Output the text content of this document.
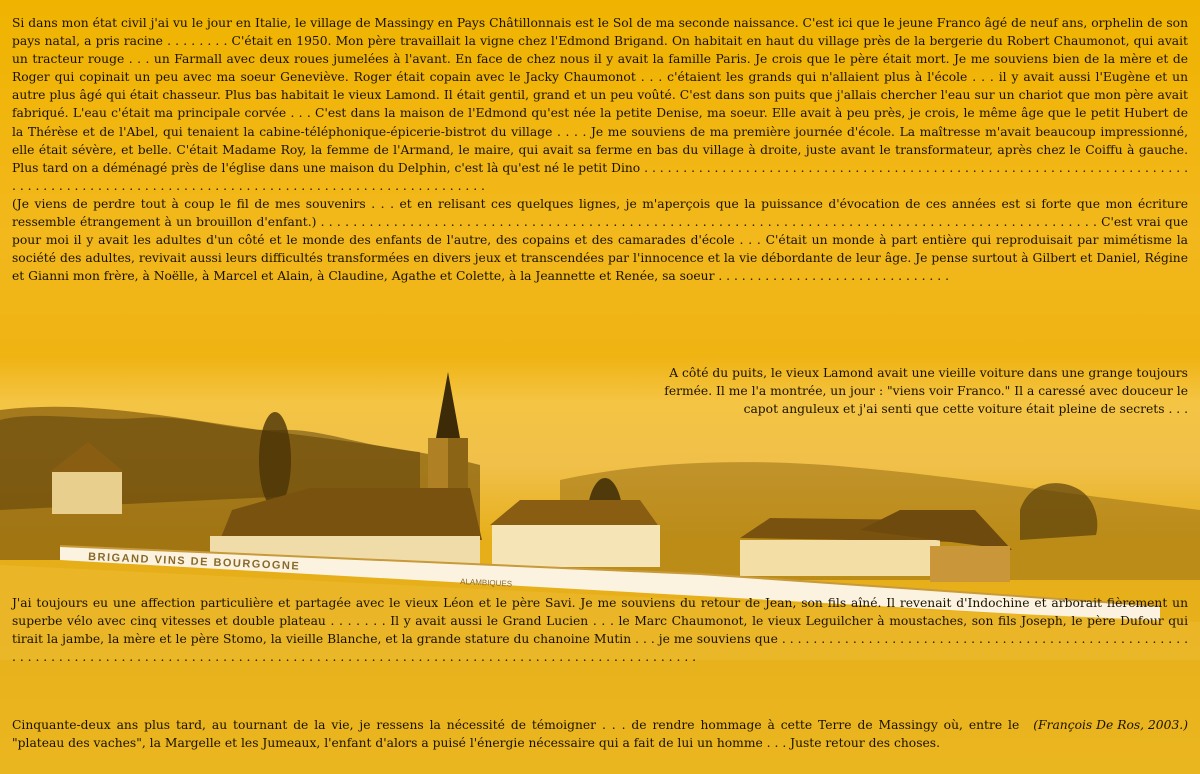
BRIGAND VINS DE BOURGOGNE
ALAMBIQUES

Si dans mon état civil j'ai vu le jour en Italie, le village de Massingy en Pays Châtillonnais est le Sol de ma seconde naissance. C'est ici que le jeune Franco âgé de neuf ans, orphelin de son pays natal, a pris racine . . . . . . . . C'était en 1950. Mon père travaillait la vigne chez l'Edmond Brigand. On habitait en haut du village près de la bergerie du Robert Chaumonot, qui avait un tracteur rouge . . . un Farmall avec deux roues jumelées à l'avant. En face de chez nous il y avait la famille Paris. Je crois que le père était mort. Je me souviens bien de la mère et de Roger qui copinait un peu avec ma soeur Geneviève. Roger était copain avec le Jacky Chaumonot . . . c'étaient les grands qui n'allaient plus à l'école . . . il y avait aussi l'Eugène et un autre plus âgé qui était chasseur. Plus bas habitait le vieux Lamond. Il était gentil, grand et un peu voûté. C'est dans son puits que j'allais chercher l'eau sur un chariot que mon père avait fabriqué. L'eau c'était ma principale corvée . . . C'est dans la maison de l'Edmond qu'est née la petite Denise, ma soeur. Elle avait à peu près, je crois, le même âge que le petit Hubert de la Thérèse et de l'Abel, qui tenaient la cabine-téléphonique-épicerie-bistrot du village . . . . Je me souviens de ma première journée d'école. La maîtresse m'avait beaucoup impressionné, elle était sévère, et belle. C'était Madame Roy, la femme de l'Armand, le maire, qui avait sa ferme en bas du village à droite, juste avant le transformateur, après chez le Coiffu à gauche. Plus tard on a déménagé près de l'église dans une maison du Delphin, c'est là qu'est né le petit Dino . . . . . . . . . . . . . . . . . . . . . . . . . . . . . . . . . . . . . . . . . . . . . . . . . . . . . . . . . . . . . . . . . . . . . . . . . . . . . . . . . . . . . . . . . . . . . . . . . . . . . . . . . . . . . . . . . . . . . . . . . . . . . . . . . . .

(Je viens de perdre tout à coup le fil de mes souvenirs . . . et en relisant ces quelques lignes, je m'aperçois que la puissance d'évocation de ces années est si forte que mon écriture ressemble étrangement à un brouillon d'enfant.) . . . . . . . . . . . . . . . . . . . . . . . . . . . . . . . . . . . . . . . . . . . . . . . . . . . . . . . . . . . . . . . . . . . . . . . . . . . . . . . . . . . . . . . . . . . . . . . . C'est vrai que pour moi il y avait les adultes d'un côté et le monde des enfants de l'autre, des copains et des camarades d'école . . . C'était un monde à part entière qui reproduisait par mimétisme la société des adultes, revivait aussi leurs difficultés transformées en divers jeux et transcendées par l'innocence et la vie débordante de leur âge. Je pense surtout à Gilbert et Daniel, Régine et Gianni mon frère, à Noëlle, à Marcel et Alain, à Claudine, Agathe et Colette, à la Jeannette et Renée, sa soeur . . . . . . . . . . . . . . . . . . . . . . . . . . . . . .

A côté du puits, le vieux Lamond avait une vieille voiture dans une grange toujours fermée. Il me l'a montrée, un jour : "viens voir Franco." Il a caressé avec douceur le capot anguleux et j'ai senti que cette voiture était pleine de secrets . . .

J'ai toujours eu une affection particulière et partagée avec le vieux Léon et le père Savi. Je me souviens du retour de Jean, son fils aîné. Il revenait d'Indochine et arborait fièrement un superbe vélo avec cinq vitesses et double plateau . . . . . . . Il y avait aussi le Grand Lucien . . . le Marc Chaumonot, le vieux Leguilcher à moustaches, son fils Joseph, le père Dufour qui tirait la jambe, la mère et le père Stomo, la vieille Blanche, et la grande stature du chanoine Mutin . . . je me souviens que . . . . . . . . . . . . . . . . . . . . . . . . . . . . . . . . . . . . . . . . . . . . . . . . . . . . . . . . . . . . . . . . . . . . . . . . . . . . . . . . . . . . . . . . . . . . . . . . . . . . . . . . . . . . . . . . . . . . . . . . . . . . . . . . . . . . . . . . . . . .

(François De Ros, 2003.)
Cinquante-deux ans plus tard, au tournant de la vie, je ressens la nécessité de témoigner . . . de rendre hommage à cette Terre de Massingy où, entre le "plateau des vaches", la Margelle et les Jumeaux, l'enfant d'alors a puisé l'énergie nécessaire qui a fait de lui un homme . . . Juste retour des choses.
